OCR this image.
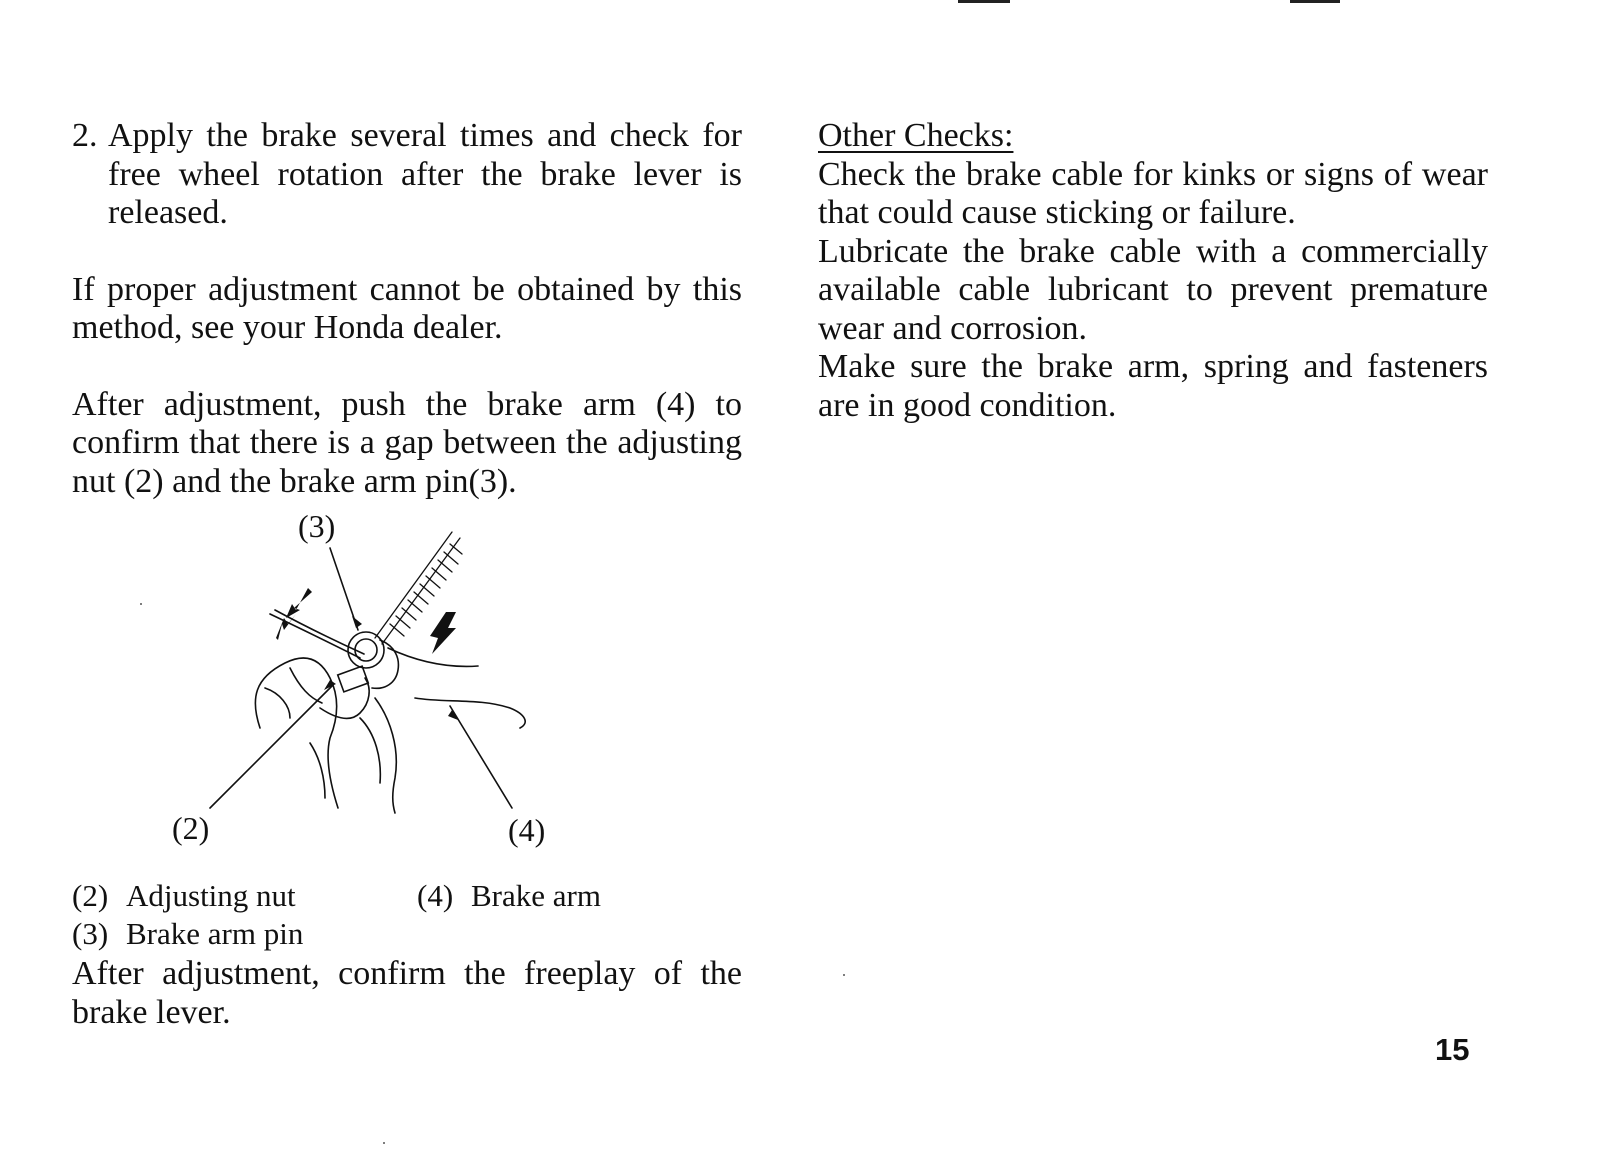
2. Apply the brake several times and check for free wheel rotation after the brake lever is released.

If proper adjustment cannot be obtained by this method, see your Honda dealer.

After adjustment, push the brake arm (4) to confirm that there is a gap between the adjusting nut (2) and the brake arm pin(3).

(3)
(2)	(4)
(2) Adjusting nut
(3) Brake arm pin
(4) Brake arm

After adjustment, confirm the freeplay of the brake lever.

Other Checks:

Check the brake cable for kinks or signs of wear that could cause sticking or failure.

Lubricate the brake cable with a commercially available cable lubricant to prevent premature wear and corrosion.

Make sure the brake arm, spring and fasteners are in good condition.

15
